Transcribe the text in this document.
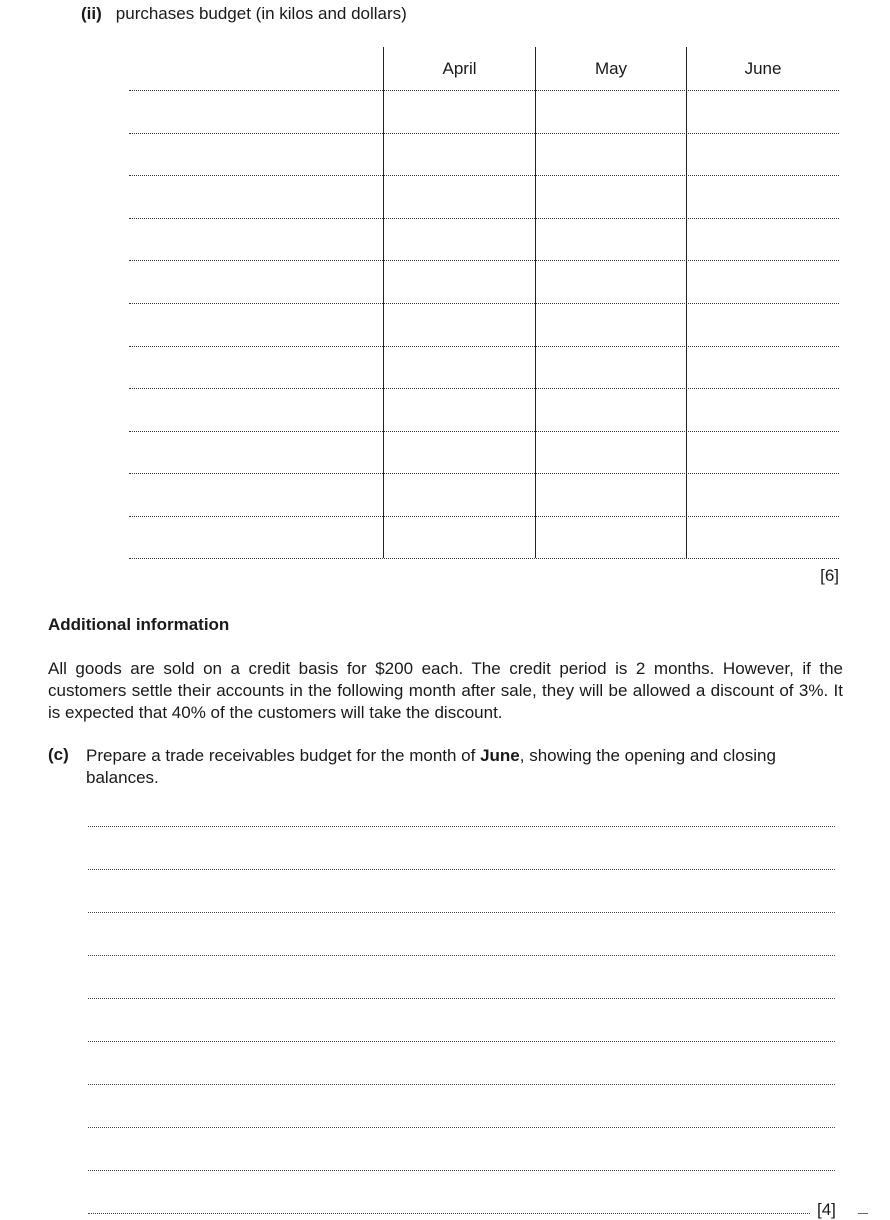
(ii) purchases budget (in kilos and dollars)
April	May	June
[6]
Additional information
All goods are sold on a credit basis for $200 each. The credit period is 2 months. However, if the customers settle their accounts in the following month after sale, they will be allowed a discount of 3%. It is expected that 40% of the customers will take the discount.
(c) Prepare a trade receivables budget for the month of June, showing the opening and closing balances.
[4]
